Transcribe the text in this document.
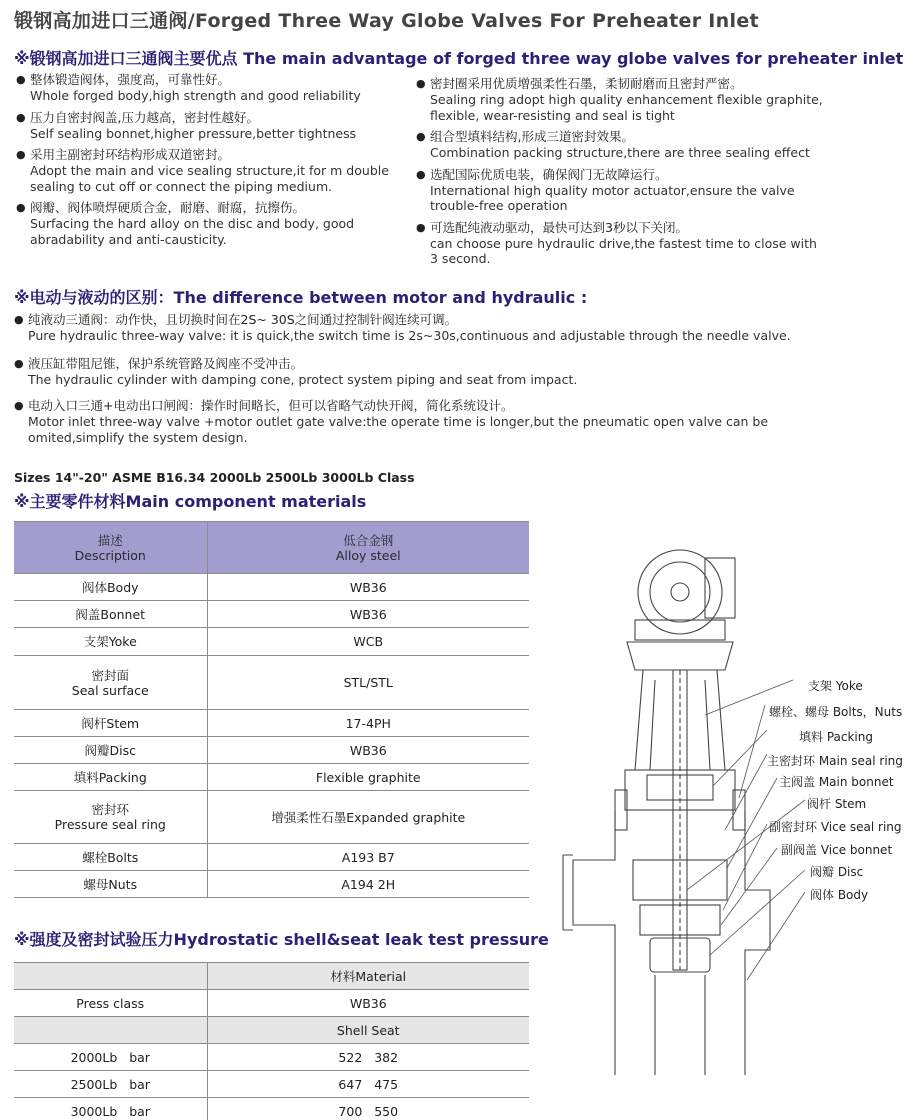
锻钢高加进口三通阀/Forged Three Way Globe Valves For Preheater Inlet
※锻钢高加进口三通阀主要优点 The main advantage of forged three way globe valves for preheater inlet
● 整体锻造阀体，强度高，可靠性好。
Whole forged body,high strength and good reliability
● 压力自密封阀盖,压力越高，密封性越好。
Self sealing bonnet,higher pressure,better tightness
● 采用主副密封环结构形成双道密封。
Adopt the main and vice sealing structure,it for m double
sealing to cut off or connect the piping medium.
● 阀瓣、阀体喷焊硬质合金，耐磨、耐腐，抗擦伤。
Surfacing the hard alloy on the disc and body, good
abradability and anti-causticity.
● 密封圈采用优质增强柔性石墨，柔韧耐磨而且密封严密。
Sealing ring adopt high quality enhancement flexible graphite,
flexible, wear-resisting and seal is tight
● 组合型填料结构,形成三道密封效果。
Combination packing structure,there are three sealing effect
● 选配国际优质电装，确保阀门无故障运行。
International high quality motor actuator,ensure the valve
trouble-free operation
● 可选配纯液动驱动，最快可达到3秒以下关闭。
can choose pure hydraulic drive,the fastest time to close with
3 second.
※电动与液动的区别：The difference between motor and hydraulic :
● 纯液动三通阀：动作快，且切换时间在2S~ 30S之间通过控制针阀连续可调。
Pure hydraulic three-way valve: it is quick,the switch time is 2s~30s,continuous and adjustable through the needle valve.
● 液压缸带阻尼锥，保护系统管路及阀座不受冲击。
The hydraulic cylinder with damping cone, protect system piping and seat from impact.
● 电动入口三通+电动出口闸阀：操作时间略长，但可以省略气动快开阀，简化系统设计。
Motor inlet three-way valve +motor outlet gate valve:the operate time is longer,but the pneumatic open valve can be
omited,simplify the system design.
Sizes 14"-20" ASME B16.34 2000Lb 2500Lb 3000Lb Class
※主要零件材料Main component materials
描述
Description	低合金钢
Alloy steel

阀体Body	WB36
阀盖Bonnet	WB36
支架Yoke	WCB

密封面
Seal surface	STL/STL
阀杆Stem	17-4PH
阀瓣Disc	WB36
填料Packing	Flexible graphite

密封环
Pressure seal ring	增强柔性石墨Expanded graphite
螺栓Bolts	A193 B7
螺母Nuts	A194 2H
※强度及密封试验压力Hydrostatic shell&seat leak test pressure
	材料Material
Press class	WB36
	Shell Seat
2000Lb   bar	522   382
2500Lb   bar	647   475
3000Lb   bar	700   550
支架 Yoke
螺栓、螺母 Bolts，Nuts
填料 Packing
主密封环 Main seal ring
主阀盖 Main bonnet
阀杆 Stem
副密封环 Vice seal ring
副阀盖 Vice bonnet
阀瓣 Disc
阀体 Body
